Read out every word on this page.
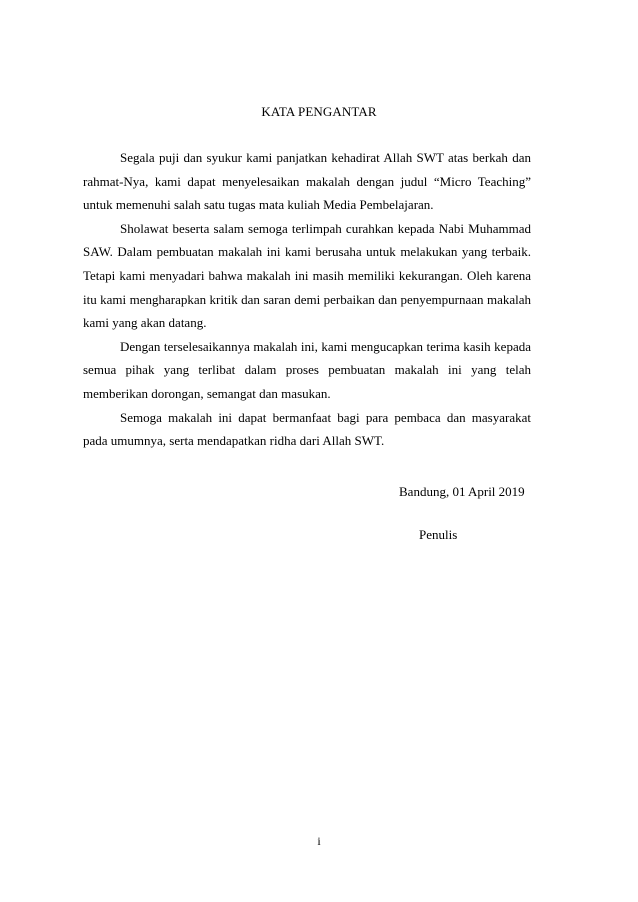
KATA PENGANTAR

Segala puji dan syukur kami panjatkan kehadirat Allah SWT atas berkah dan rahmat-Nya, kami dapat menyelesaikan makalah dengan judul “Micro Teaching” untuk memenuhi salah satu tugas mata kuliah Media Pembelajaran.

Sholawat beserta salam semoga terlimpah curahkan kepada Nabi Muhammad SAW. Dalam pembuatan makalah ini kami berusaha untuk melakukan yang terbaik. Tetapi kami menyadari bahwa makalah ini masih memiliki kekurangan. Oleh karena itu kami mengharapkan kritik dan saran demi perbaikan dan penyempurnaan makalah kami yang akan datang.

Dengan terselesaikannya makalah ini, kami mengucapkan terima kasih kepada semua pihak yang terlibat dalam proses pembuatan makalah ini yang telah memberikan dorongan, semangat dan masukan.

Semoga makalah ini dapat bermanfaat bagi para pembaca dan masyarakat pada umumnya, serta mendapatkan ridha dari Allah SWT.

Bandung, 01 April 2019
Penulis
i
